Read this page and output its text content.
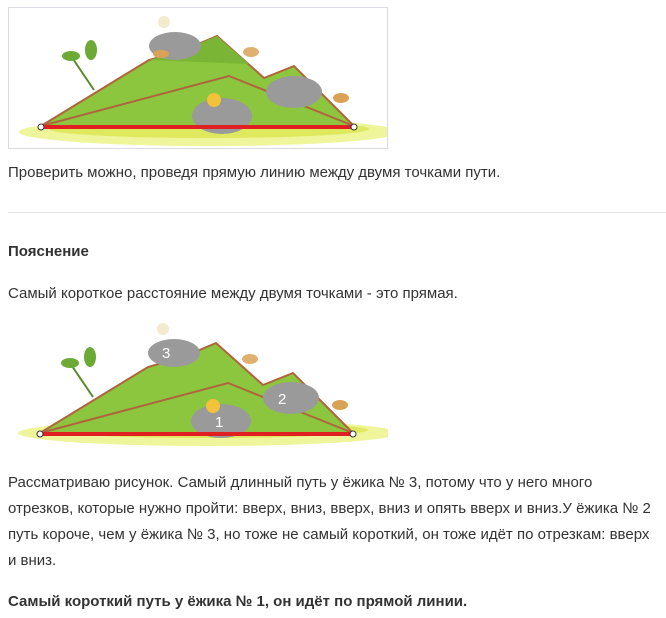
Проверить можно, проведя прямую линию между двумя точками пути.
Пояснение
Самый короткое расстояние между двумя точками - это прямая.
3
2
1
Рассматриваю рисунок. Самый длинный путь у ёжика № 3, потому что у него много отрезков, которые нужно пройти: вверх, вниз, вверх, вниз и опять вверх и вниз.У ёжика № 2 путь короче, чем у ёжика № 3, но тоже не самый короткий, он тоже идёт по отрезкам: вверх и вниз.
Самый короткий путь у ёжика № 1, он идёт по прямой линии.
